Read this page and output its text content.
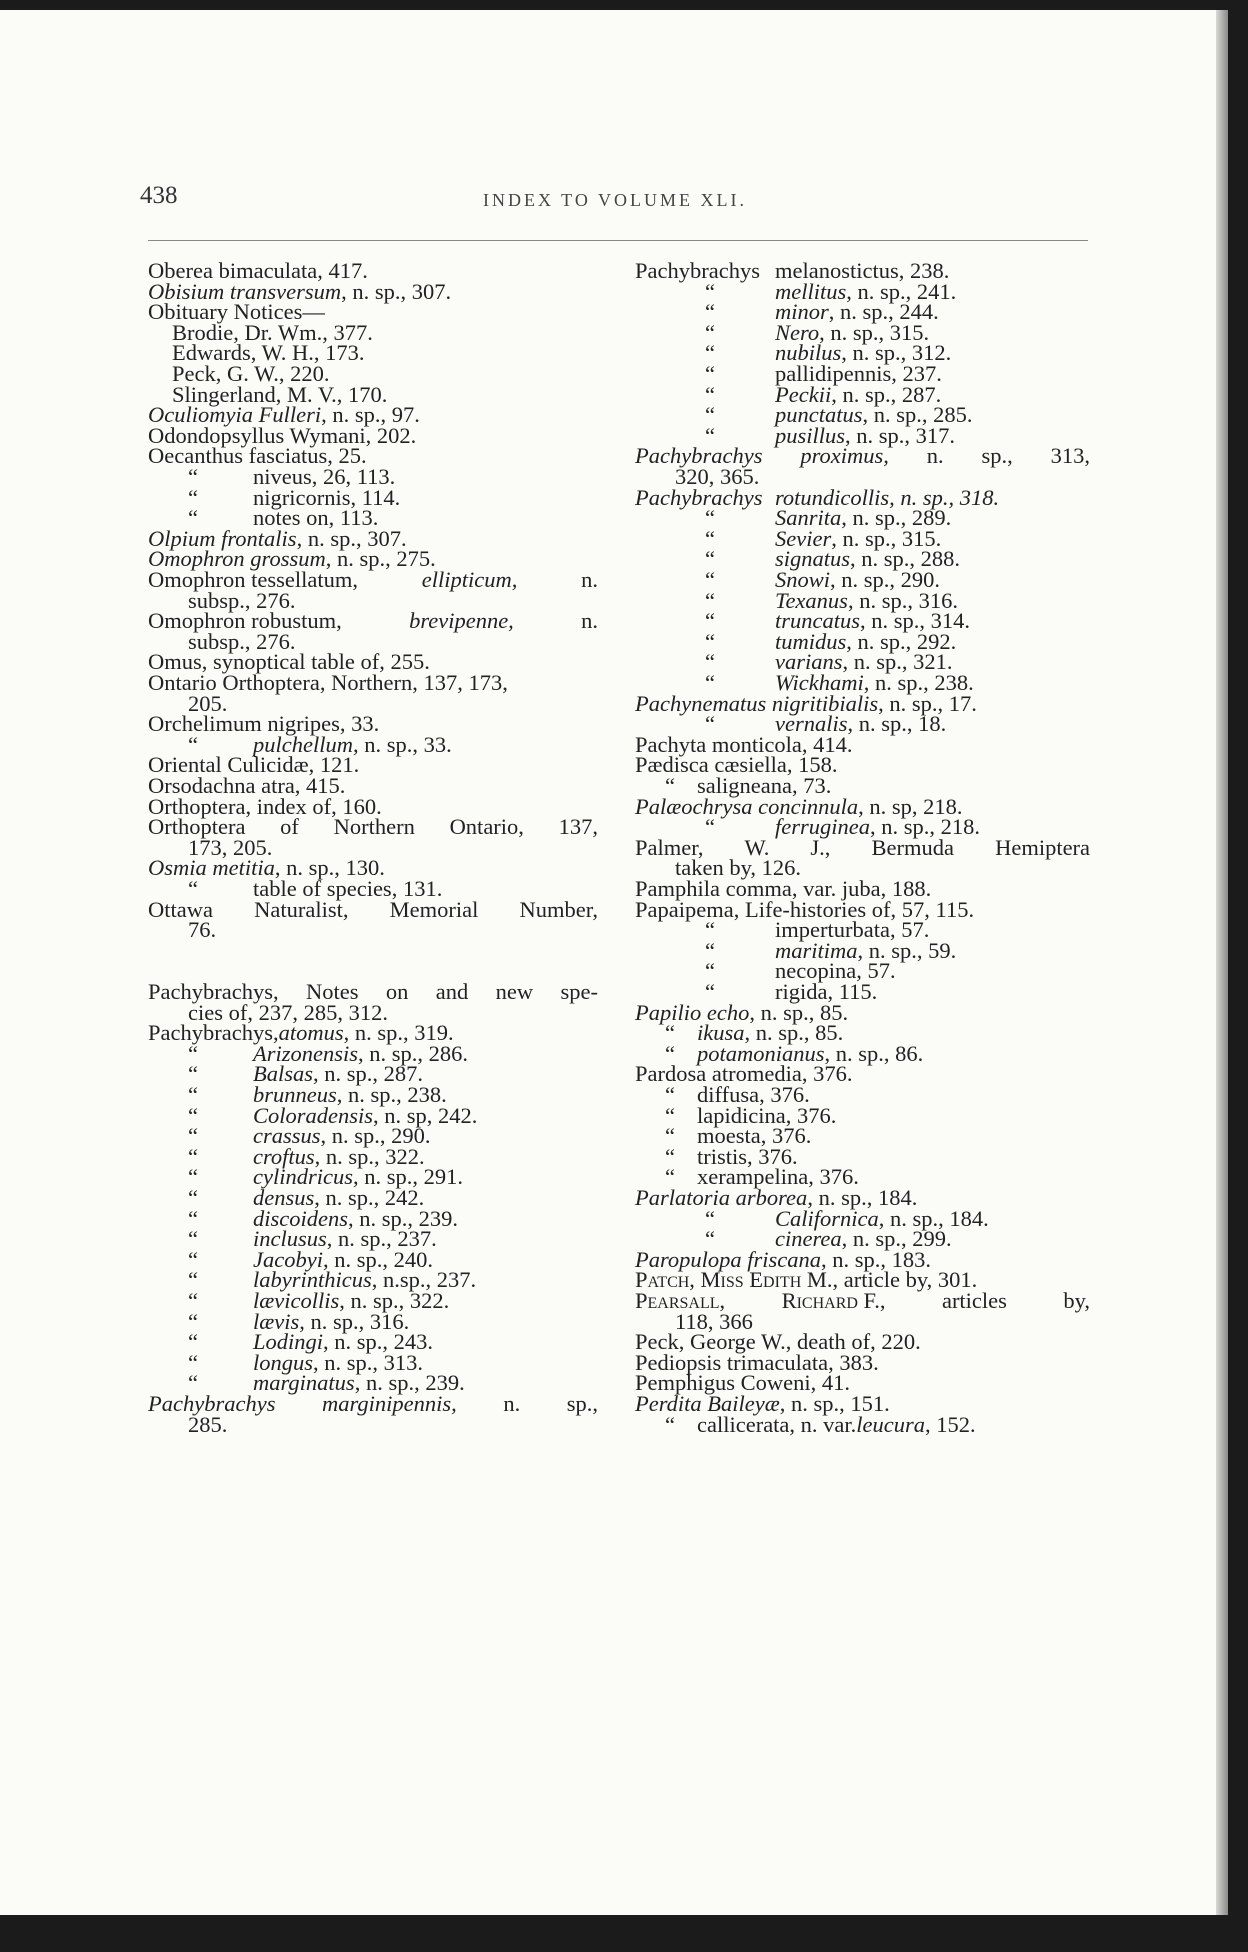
438	INDEX TO VOLUME XLI.
Oberea bimaculata, 417.
Obisium transversum, n. sp., 307.
Obituary Notices—
Brodie, Dr. Wm., 377.
Edwards, W. H., 173.
Peck, G. W., 220.
Slingerland, M. V., 170.
Oculiomyia Fulleri, n. sp., 97.
Odondopsyllus Wymani, 202.
Oecanthus fasciatus, 25.
“ niveus, 26, 113.
“ nigricornis, 114.
“ notes on, 113.
Olpium frontalis, n. sp., 307.
Omophron grossum, n. sp., 275.
Omophron tessellatum,	ellipticum,	n.
subsp., 276.
Omophron robustum,	brevipenne,	n.
subsp., 276.
Omus, synoptical table of, 255.
Ontario Orthoptera, Northern, 137, 173,
205.
Orchelimum nigripes, 33.
“ pulchellum, n. sp., 33.
Oriental Culicidæ, 121.
Orsodachna atra, 415.
Orthoptera, index of, 160.
Orthoptera of Northern Ontario, 137,
173, 205.
Osmia metitia, n. sp., 130.
“ table of species, 131.
Ottawa Naturalist, Memorial Number,
76.
Pachybrachys, Notes on and new spe-
cies of, 237, 285, 312.
Pachybrachys,atomus, n. sp., 319.
“ Arizonensis, n. sp., 286.
“ Balsas, n. sp., 287.
“ brunneus, n. sp., 238.
“ Coloradensis, n. sp, 242.
“ crassus, n. sp., 290.
“ croftus, n. sp., 322.
“ cylindricus, n. sp., 291.
“ densus, n. sp., 242.
“ discoidens, n. sp., 239.
“ inclusus, n. sp., 237.
“ Jacobyi, n. sp., 240.
“ labyrinthicus, n.sp., 237.
“ lævicollis, n. sp., 322.
“ lævis, n. sp., 316.
“ Lodingi, n. sp., 243.
“ longus, n. sp., 313.
“ marginatus, n. sp., 239.
Pachybrachys marginipennis, n. sp.,
285.
Pachybrachys melanostictus, 238.
“	mellitus, n. sp., 241.
“	minor, n. sp., 244.
“	Nero, n. sp., 315.
“	nubilus, n. sp., 312.
“	pallidipennis, 237.
“	Peckii, n. sp., 287.
“	punctatus, n. sp., 285.
“	pusillus, n. sp., 317.
Pachybrachys proximus, n. sp., 313,
320, 365.
Pachybrachys rotundicollis, n. sp., 318.
“	Sanrita, n. sp., 289.
“	Sevier, n. sp., 315.
“	signatus, n. sp., 288.
“	Snowi, n. sp., 290.
“	Texanus, n. sp., 316.
“	truncatus, n. sp., 314.
“	tumidus, n. sp., 292.
“	varians, n. sp., 321.
“	Wickhami, n. sp., 238.
Pachynematus nigritibialis, n. sp., 17.
“	vernalis, n. sp., 18.
Pachyta monticola, 414.
Pædisca cæsiella, 158.
“ saligneana, 73.
Palæochrysa concinnula, n. sp, 218.
“	ferruginea, n. sp., 218.
Palmer, W. J., Bermuda Hemiptera
taken by, 126.
Pamphila comma, var. juba, 188.
Papaipema, Life-histories of, 57, 115.
“	imperturbata, 57.
“	maritima, n. sp., 59.
“	necopina, 57.
“	rigida, 115.
Papilio echo, n. sp., 85.
“ ikusa, n. sp., 85.
“ potamonianus, n. sp., 86.
Pardosa atromedia, 376.
“ diffusa, 376.
“ lapidicina, 376.
“ moesta, 376.
“ tristis, 376.
“ xerampelina, 376.
Parlatoria arborea, n. sp., 184.
“	Californica, n. sp., 184.
“	cinerea, n. sp., 299.
Paropulopa friscana, n. sp., 183.
Patch, Miss Edith M., article by, 301.
Pearsall,	Richard F.,	articles	by,
118, 366
Peck, George W., death of, 220.
Pediopsis trimaculata, 383.
Pemphigus Coweni, 41.
Perdita Baileyæ, n. sp., 151.
“ callicerata, n. var.leucura, 152.
